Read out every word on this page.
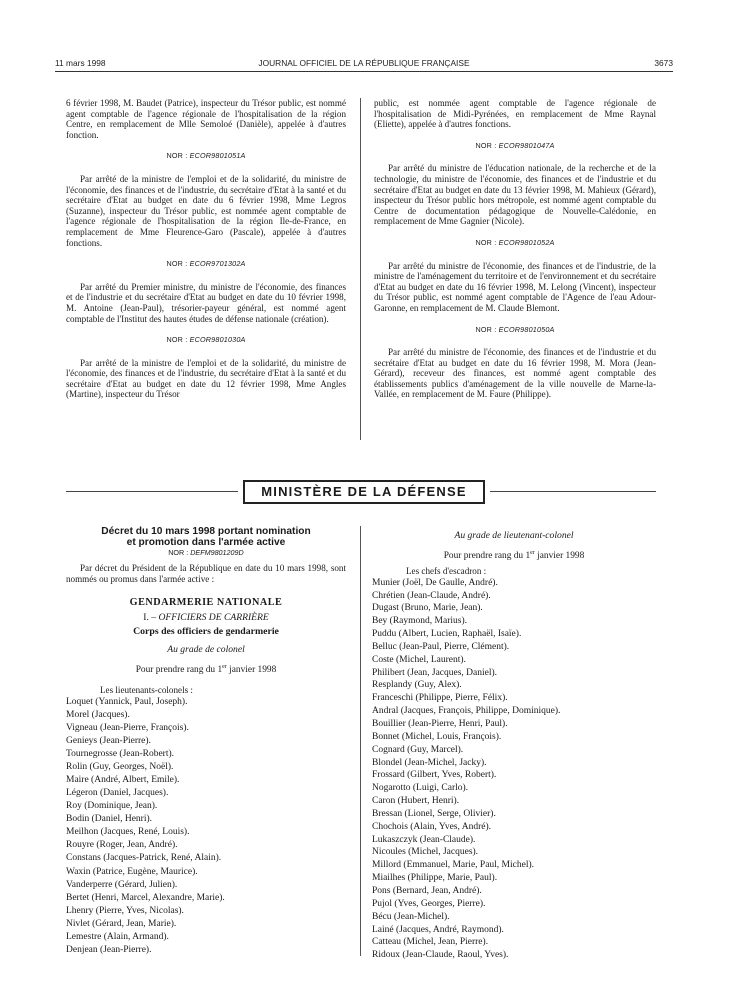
11 mars 1998	JOURNAL OFFICIEL DE LA RÉPUBLIQUE FRANÇAISE	3673

6 février 1998, M. Baudet (Patrice), inspecteur du Trésor public, est nommé agent comptable de l'agence régionale de l'hospitalisation de la région Centre, en remplacement de Mlle Semoloé (Danièle), appelée à d'autres fonction.

NOR : ECOR9801051A

Par arrêté de la ministre de l'emploi et de la solidarité, du ministre de l'économie, des finances et de l'industrie, du secrétaire d'Etat à la santé et du secrétaire d'Etat au budget en date du 6 février 1998, Mme Legros (Suzanne), inspecteur du Trésor public, est nommée agent comptable de l'agence régionale de l'hospitalisation de la région Ile-de-France, en remplacement de Mme Fleurence-Garo (Pascale), appelée à d'autres fonctions.

NOR : ECOR9701302A

Par arrêté du Premier ministre, du ministre de l'économie, des finances et de l'industrie et du secrétaire d'Etat au budget en date du 10 février 1998, M. Antoine (Jean-Paul), trésorier-payeur général, est nommé agent comptable de l'Institut des hautes études de défense nationale (création).

NOR : ECOR9801030A

Par arrêté de la ministre de l'emploi et de la solidarité, du ministre de l'économie, des finances et de l'industrie, du secrétaire d'Etat à la santé et du secrétaire d'Etat au budget en date du 12 février 1998, Mme Angles (Martine), inspecteur du Trésor

public, est nommée agent comptable de l'agence régionale de l'hospitalisation de Midi-Pyrénées, en remplacement de Mme Raynal (Eliette), appelée à d'autres fonctions.

NOR : ECOR9801047A

Par arrêté du ministre de l'éducation nationale, de la recherche et de la technologie, du ministre de l'économie, des finances et de l'industrie et du secrétaire d'Etat au budget en date du 13 février 1998, M. Mahieux (Gérard), inspecteur du Trésor public hors métropole, est nommé agent comptable du Centre de documentation pédagogique de Nouvelle-Calédonie, en remplacement de Mme Gagnier (Nicole).

NOR : ECOR9801052A

Par arrêté du ministre de l'économie, des finances et de l'industrie, de la ministre de l'aménagement du territoire et de l'environnement et du secrétaire d'Etat au budget en date du 16 février 1998, M. Lelong (Vincent), inspecteur du Trésor public, est nommé agent comptable de l'Agence de l'eau Adour-Garonne, en remplacement de M. Claude Blemont.

NOR : ECOR9801050A

Par arrêté du ministre de l'économie, des finances et de l'industrie et du secrétaire d'Etat au budget en date du 16 février 1998, M. Mora (Jean-Gérard), receveur des finances, est nommé agent comptable des établissements publics d'aménagement de la ville nouvelle de Marne-la-Vallée, en remplacement de M. Faure (Philippe).

MINISTÈRE DE LA DÉFENSE
Décret du 10 mars 1998 portant nomination
et promotion dans l'armée active
NOR : DEFM9801209D

Par décret du Président de la République en date du 10 mars 1998, sont nommés ou promus dans l'armée active :

GENDARMERIE NATIONALE

I. – OFFICIERS DE CARRIÈRE

Corps des officiers de gendarmerie

Au grade de colonel

Pour prendre rang du 1er janvier 1998

Les lieutenants-colonels :

Loquet (Yannick, Paul, Joseph).
Morel (Jacques).
Vigneau (Jean-Pierre, François).
Genieys (Jean-Pierre).
Tournegrosse (Jean-Robert).
Rolin (Guy, Georges, Noël).
Maire (André, Albert, Emile).
Légeron (Daniel, Jacques).
Roy (Dominique, Jean).
Bodin (Daniel, Henri).
Meilhon (Jacques, René, Louis).
Rouyre (Roger, Jean, André).
Constans (Jacques-Patrick, René, Alain).
Waxin (Patrice, Eugène, Maurice).
Vanderperre (Gérard, Julien).
Bertet (Henri, Marcel, Alexandre, Marie).
Lhenry (Pierre, Yves, Nicolas).
Nivlet (Gérard, Jean, Marie).
Lemestre (Alain, Armand).
Denjean (Jean-Pierre).

Au grade de lieutenant-colonel

Pour prendre rang du 1er janvier 1998

Les chefs d'escadron :

Munier (Joël, De Gaulle, André).
Chrétien (Jean-Claude, André).
Dugast (Bruno, Marie, Jean).
Bey (Raymond, Marius).
Puddu (Albert, Lucien, Raphaël, Isaïe).
Belluc (Jean-Paul, Pierre, Clément).
Coste (Michel, Laurent).
Philibert (Jean, Jacques, Daniel).
Resplandy (Guy, Alex).
Franceschi (Philippe, Pierre, Félix).
Andral (Jacques, François, Philippe, Dominique).
Bouillier (Jean-Pierre, Henri, Paul).
Bonnet (Michel, Louis, François).
Cognard (Guy, Marcel).
Blondel (Jean-Michel, Jacky).
Frossard (Gilbert, Yves, Robert).
Nogarotto (Luigi, Carlo).
Caron (Hubert, Henri).
Bressan (Lionel, Serge, Olivier).
Chochois (Alain, Yves, André).
Lukaszczyk (Jean-Claude).
Nicoules (Michel, Jacques).
Millord (Emmanuel, Marie, Paul, Michel).
Miailhes (Philippe, Marie, Paul).
Pons (Bernard, Jean, André).
Pujol (Yves, Georges, Pierre).
Bécu (Jean-Michel).
Lainé (Jacques, André, Raymond).
Catteau (Michel, Jean, Pierre).
Ridoux (Jean-Claude, Raoul, Yves).
